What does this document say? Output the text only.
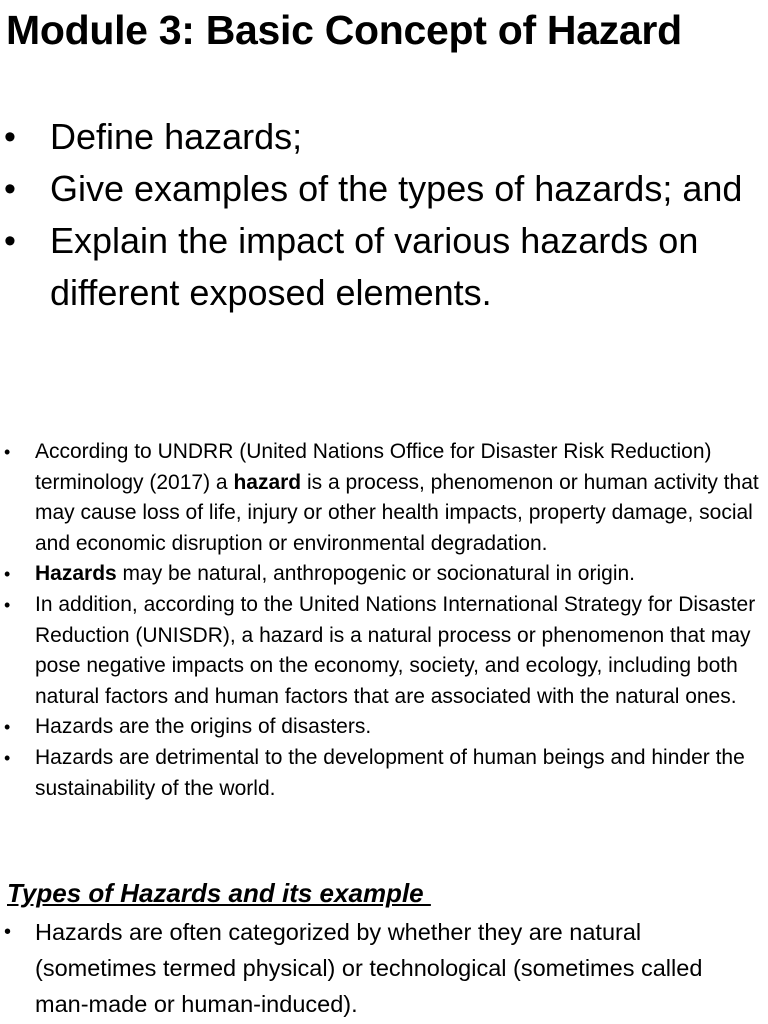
Module 3: Basic Concept of Hazard
• Define hazards;
• Give examples of the types of hazards; and
• Explain the impact of various hazards on different exposed elements.
• According to UNDRR (United Nations Office for Disaster Risk Reduction) terminology (2017) a hazard is a process, phenomenon or human activity that may cause loss of life, injury or other health impacts, property damage, social and economic disruption or environmental degradation.
• Hazards may be natural, anthropogenic or socionatural in origin.
• In addition, according to the United Nations International Strategy for Disaster Reduction (UNISDR), a hazard is a natural process or phenomenon that may pose negative impacts on the economy, society, and ecology, including both natural factors and human factors that are associated with the natural ones.
• Hazards are the origins of disasters.
• Hazards are detrimental to the development of human beings and hinder the sustainability of the world.
Types of Hazards and its example
• Hazards are often categorized by whether they are natural (sometimes termed physical) or technological (sometimes called man-made or human-induced).
